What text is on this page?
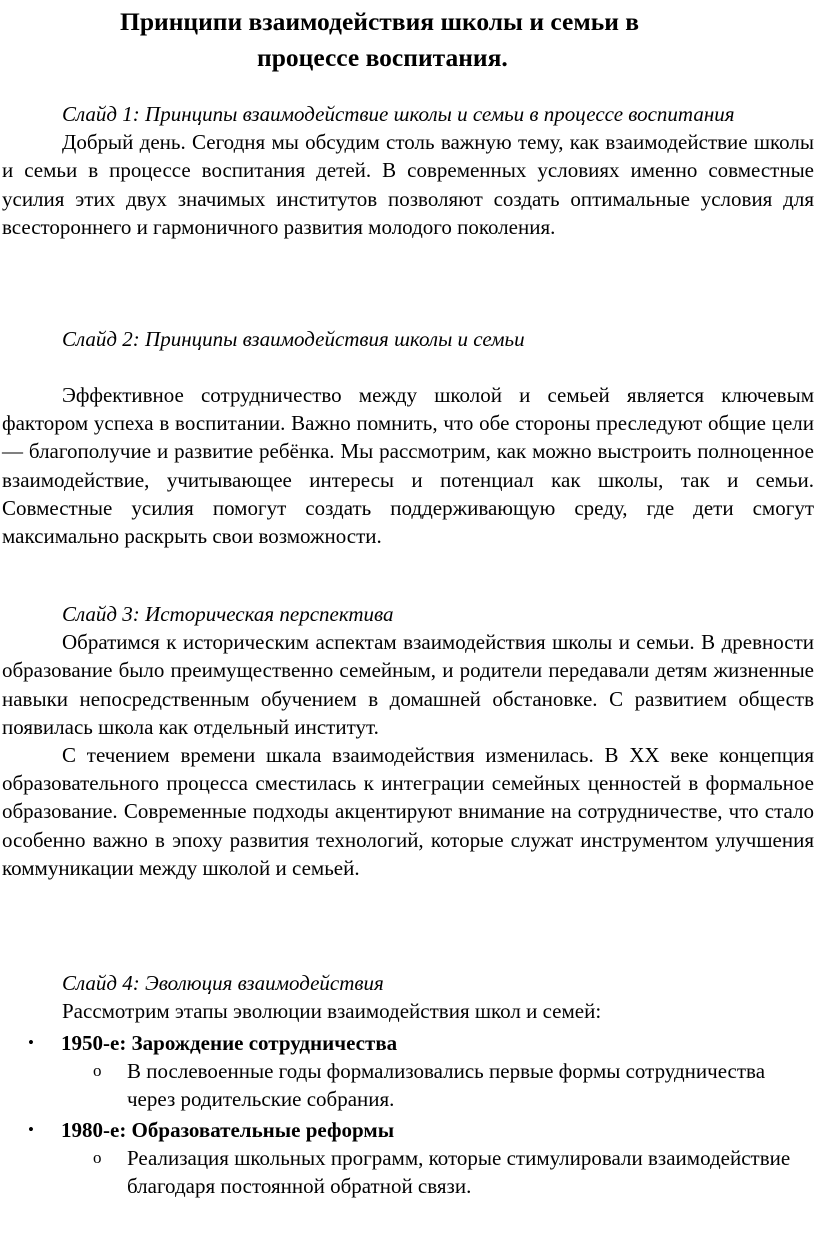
Принципи взаимодействия школы и семьи в
процессе воспитания.

Слайд 1: Принципы взаимодействие школы и семьи в процессе воспитания

Добрый день. Сегодня мы обсудим столь важную тему, как взаимодействие школы и семьи в процессе воспитания детей. В современных условиях именно совместные усилия этих двух значимых институтов позволяют создать оптимальные условия для всестороннего и гармоничного развития молодого поколения.

Слайд 2: Принципы взаимодействия школы и семьи

Эффективное сотрудничество между школой и семьей является ключевым фактором успеха в воспитании. Важно помнить, что обе стороны преследуют общие цели — благополучие и развитие ребёнка. Мы рассмотрим, как можно выстроить полноценное взаимодействие, учитывающее интересы и потенциал как школы, так и семьи. Совместные усилия помогут создать поддерживающую среду, где дети смогут максимально раскрыть свои возможности.

Слайд 3: Историческая перспектива

Обратимся к историческим аспектам взаимодействия школы и семьи. В древности образование было преимущественно семейным, и родители передавали детям жизненные навыки непосредственным обучением в домашней обстановке. С развитием обществ появилась школа как отдельный институт.

С течением времени шкала взаимодействия изменилась. В XX веке концепция образовательного процесса сместилась к интеграции семейных ценностей в формальное образование. Современные подходы акцентируют внимание на сотрудничестве, что стало особенно важно в эпоху развития технологий, которые служат инструментом улучшения коммуникации между школой и семьей.

Слайд 4: Эволюция взаимодействия

Рассмотрим этапы эволюции взаимодействия школ и семей:

•	1950-е: Зарождение сотрудничества
o	В послевоенные годы формализовались первые формы сотрудничества через родительские собрания.
•	1980-е: Образовательные реформы
o	Реализация школьных программ, которые стимулировали взаимодействие благодаря постоянной обратной связи.
